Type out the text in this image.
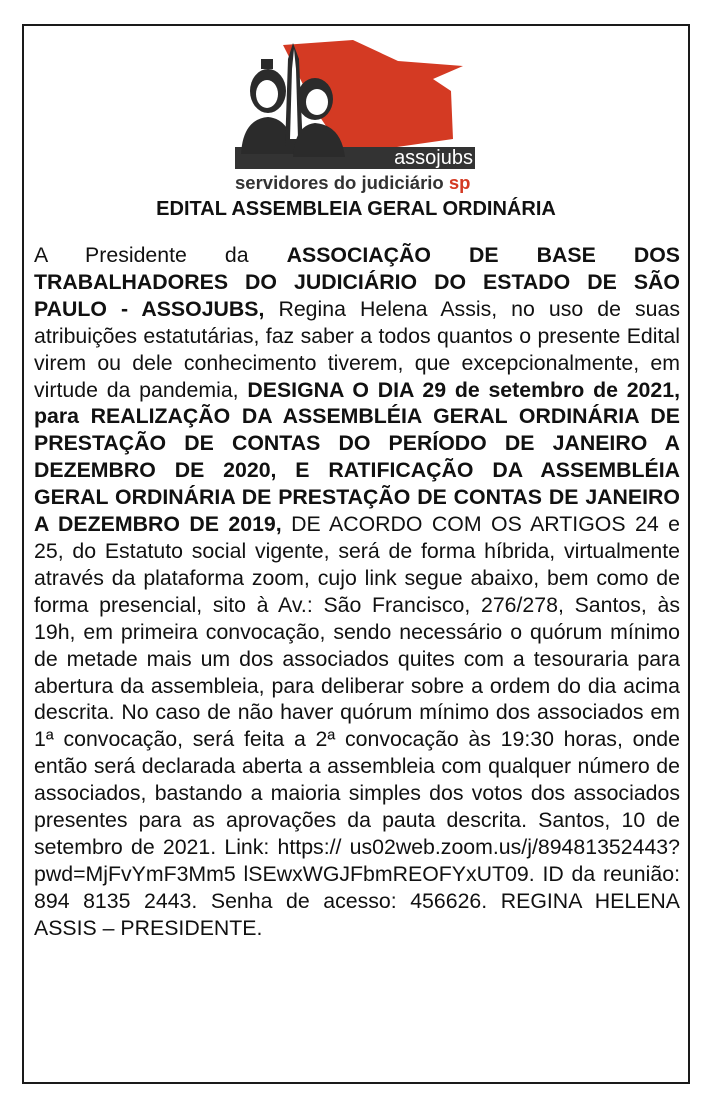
assojubs
servidores do judiciário sp
EDITAL ASSEMBLEIA GERAL ORDINÁRIA

A Presidente da ASSOCIAÇÃO DE BASE DOS TRABALHADORES DO JUDICIÁRIO DO ESTADO DE SÃO PAULO - ASSOJUBS, Regina Helena Assis, no uso de suas atribuições estatutárias, faz saber a todos quantos o presente Edital virem ou dele conhecimento tiverem, que excepcionalmente, em virtude da pandemia, DESIGNA O DIA 29 de setembro de 2021, para REALIZAÇÃO DA ASSEMBLÉIA GERAL ORDINÁRIA DE PRESTAÇÃO DE CONTAS DO PERÍODO DE JANEIRO A DEZEMBRO DE 2020, E RATIFICAÇÃO DA ASSEMBLÉIA GERAL ORDINÁRIA DE PRESTAÇÃO DE CONTAS DE JANEIRO A DEZEMBRO DE 2019, DE ACORDO COM OS ARTIGOS 24 e 25, do Estatuto social vigente, será de forma híbrida, virtualmente através da plataforma zoom, cujo link segue abaixo, bem como de forma presencial, sito à Av.: São Francisco, 276/278, Santos, às 19h, em primeira convocação, sendo necessário o quórum mínimo de metade mais um dos associados quites com a tesouraria para abertura da assembleia, para deliberar sobre a ordem do dia acima descrita. No caso de não haver quórum mínimo dos associados em 1ª convocação, será feita a 2ª convocação às 19:30 horas, onde então será declarada aberta a assembleia com qualquer número de associados, bastando a maioria simples dos votos dos associados presentes para as aprovações da pauta descrita. Santos, 10 de setembro de 2021. Link: https:// us02web.zoom.us/j/89481352443?pwd=MjFvYmF3Mm5 lSEwxWGJFbmREOFYxUT09. ID da reunião: 894 8135 2443. Senha de acesso: 456626. REGINA HELENA ASSIS – PRESIDENTE.
